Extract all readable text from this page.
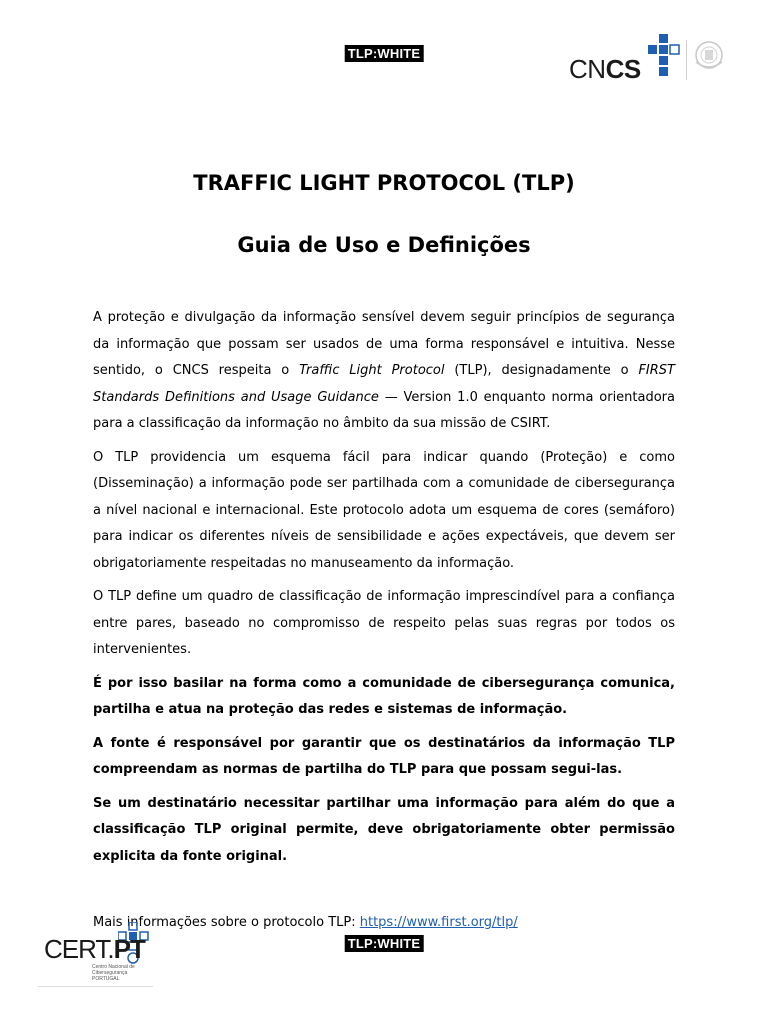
TLP:WHITE
CNCS
TRAFFIC LIGHT PROTOCOL (TLP)
Guia de Uso e Definições

A proteção e divulgação da informação sensível devem seguir princípios de segurança da informação que possam ser usados de uma forma responsável e intuitiva. Nesse sentido, o CNCS respeita o Traffic Light Protocol (TLP), designadamente o FIRST Standards Definitions and Usage Guidance — Version 1.0 enquanto norma orientadora para a classificação da informação no âmbito da sua missão de CSIRT.

O TLP providencia um esquema fácil para indicar quando (Proteção) e como (Disseminação) a informação pode ser partilhada com a comunidade de cibersegurança a nível nacional e internacional. Este protocolo adota um esquema de cores (semáforo) para indicar os diferentes níveis de sensibilidade e ações expectáveis, que devem ser obrigatoriamente respeitadas no manuseamento da informação.

O TLP define um quadro de classificação de informação imprescindível para a confiança entre pares, baseado no compromisso de respeito pelas suas regras por todos os intervenientes.

É por isso basilar na forma como a comunidade de cibersegurança comunica, partilha e atua na proteção das redes e sistemas de informação.

A fonte é responsável por garantir que os destinatários da informação TLP compreendam as normas de partilha do TLP para que possam segui-las.

Se um destinatário necessitar partilhar uma informação para além do que a classificação TLP original permite, deve obrigatoriamente obter permissão explicita da fonte original.

Mais informações sobre o protocolo TLP: https://www.first.org/tlp/

TLP:WHITE
CERT.PT
Centro Nacional de Cibersegurança PORTUGAL
